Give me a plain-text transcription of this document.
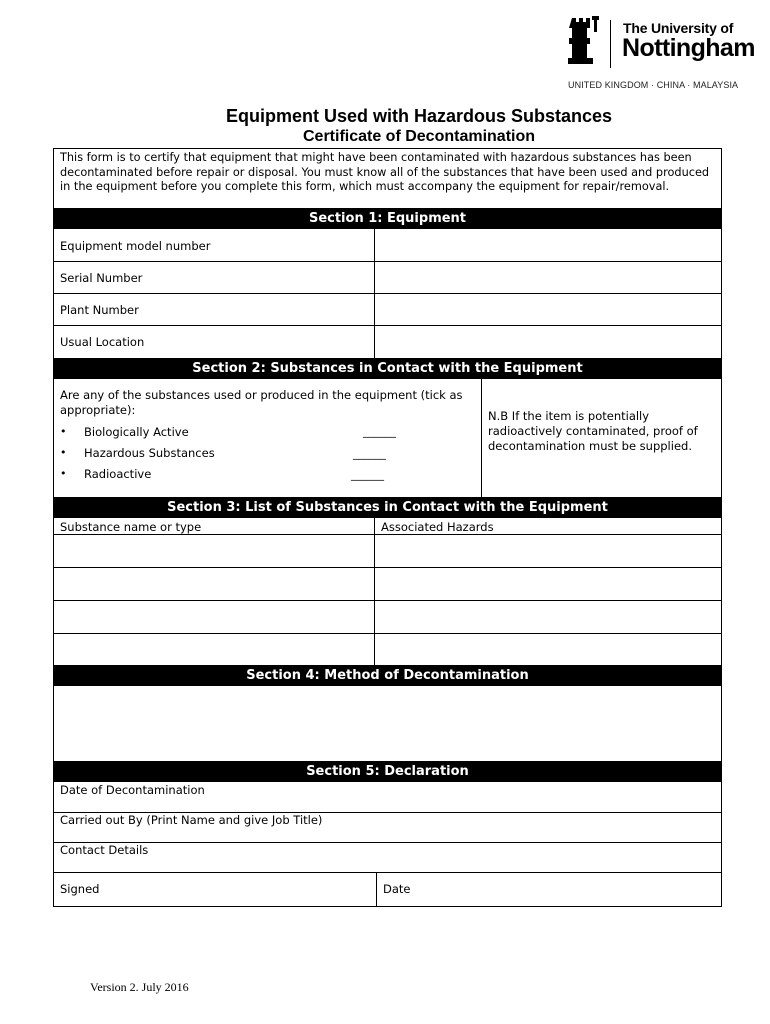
The University of
Nottingham
UNITED KINGDOM · CHINA · MALAYSIA
Equipment Used with Hazardous Substances
Certificate of Decontamination
This form is to certify that equipment that might have been contaminated with hazardous substances has been decontaminated before repair or disposal. You must know all of the substances that have been used and produced in the equipment before you complete this form, which must accompany the equipment for repair/removal.
Section 1: Equipment
Equipment model number
Serial Number
Plant Number
Usual Location
Section 2: Substances in Contact with the Equipment
Are any of the substances used or produced in the equipment (tick as appropriate):
• Biologically Active	______
• Hazardous Substances	______
• Radioactive	______
N.B If the item is potentially radioactively contaminated, proof of decontamination must be supplied.
Section 3: List of Substances in Contact with the Equipment
Substance name or type	Associated Hazards
Section 4: Method of Decontamination
Section 5: Declaration
Date of Decontamination
Carried out By (Print Name and give Job Title)
Contact Details
Signed	Date
Version 2. July 2016
